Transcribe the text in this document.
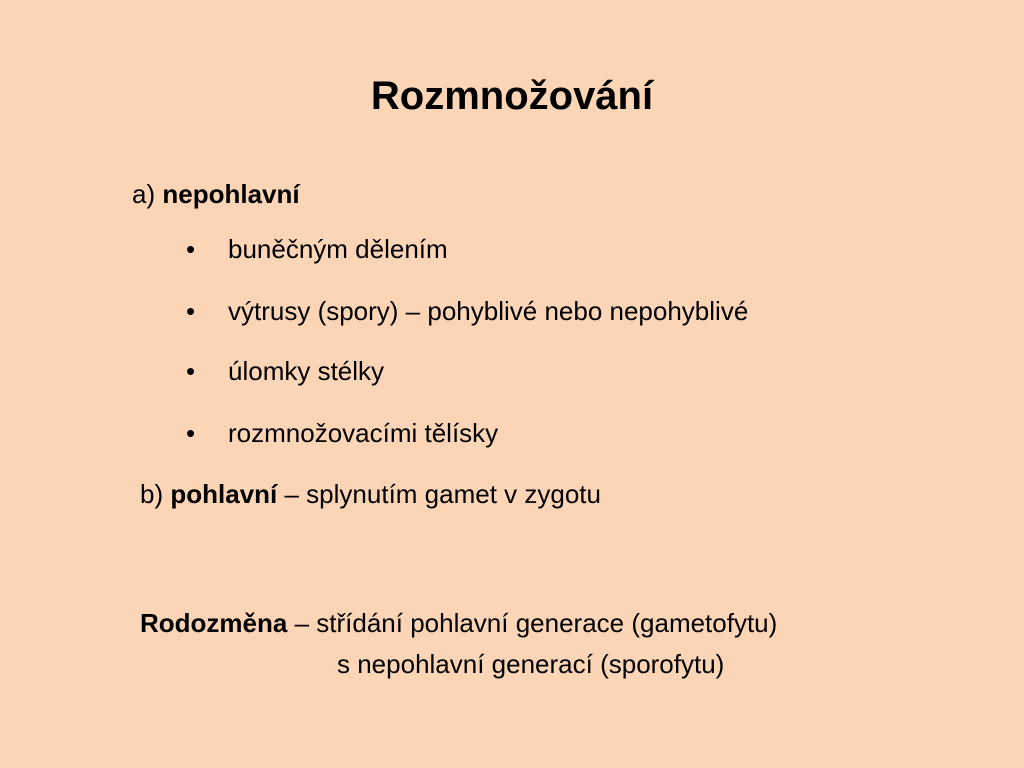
Rozmnožování
a) nepohlavní
• buněčným dělením
• výtrusy (spory) – pohyblivé nebo nepohyblivé
• úlomky stélky
• rozmnožovacími tělísky
b) pohlavní – splynutím gamet v zygotu
Rodozměna – střídání pohlavní generace (gametofytu)
s nepohlavní generací (sporofytu)
